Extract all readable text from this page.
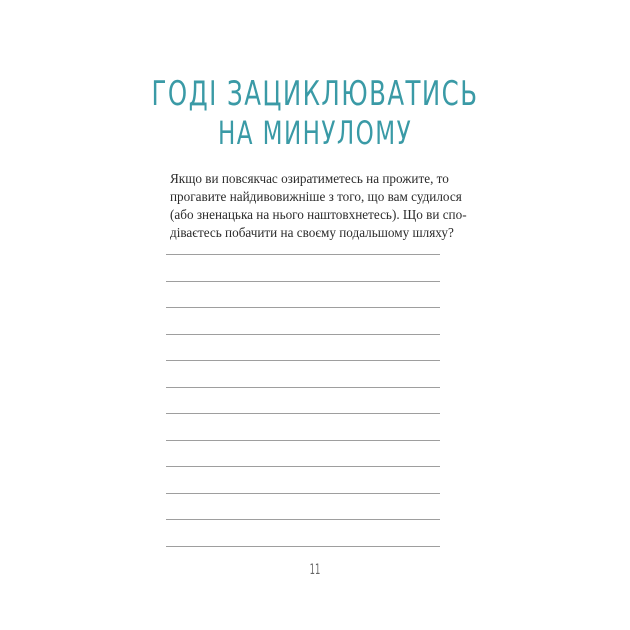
ГОДІ ЗАЦИКЛЮВАТИСЬ
НА МИНУЛОМУ
Якщо ви повсякчас озиратиметесь на прожите, то
прогавите найдивовижніше з того, що вам судилося
(або зненацька на нього наштовхнетесь). Що ви спо-
діваєтесь побачити на своєму подальшому шляху?
11
